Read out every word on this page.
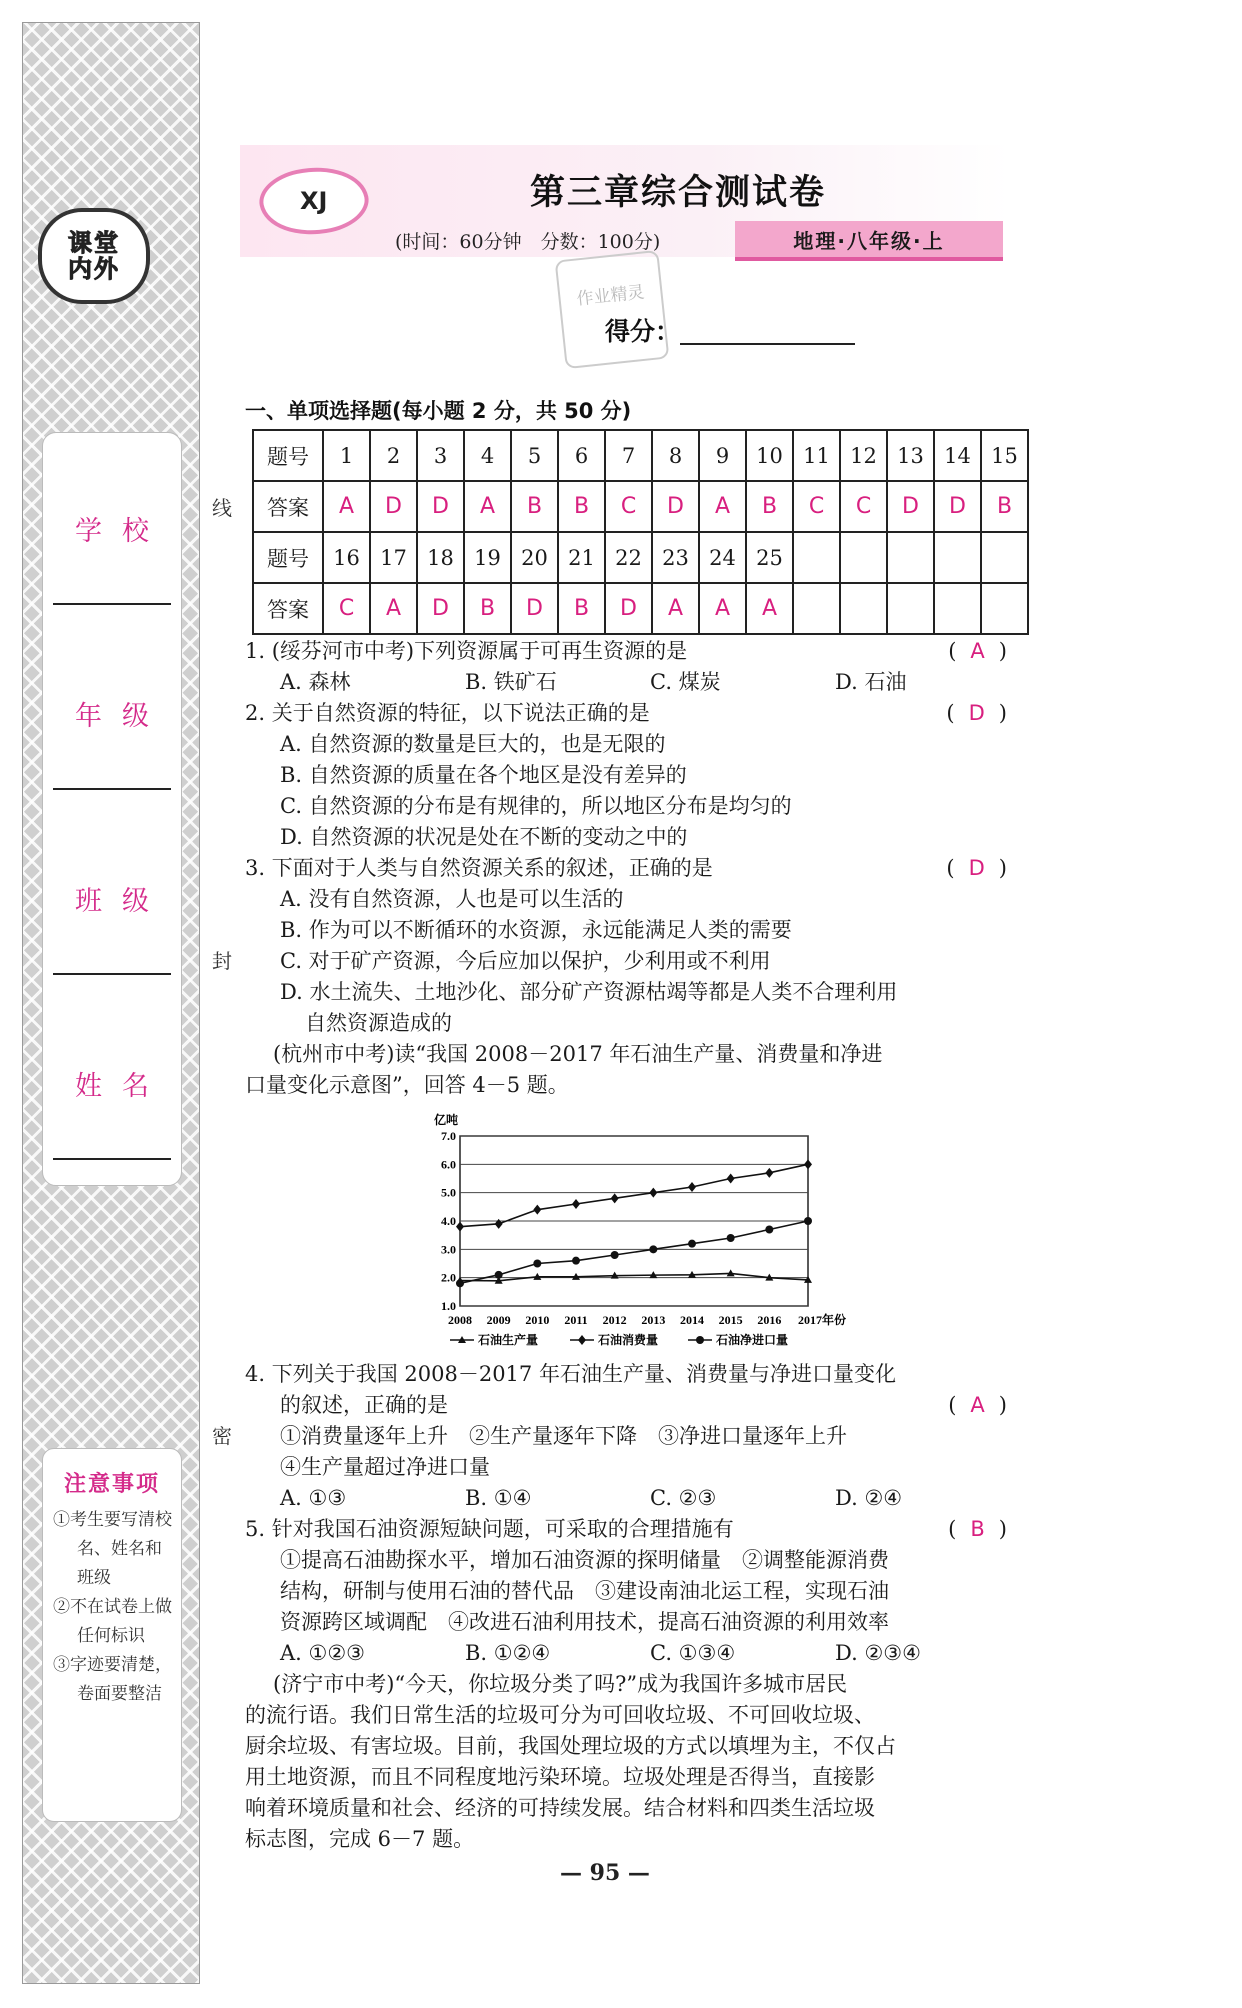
课堂
内外
学校
年级
班级
姓名
注意事项
①考生要写清校名、姓名和班级
②不在试卷上做任何标识
③字迹要清楚，卷面要整洁
线
封
密
XJ	第三章综合测试卷
(时间：60分钟　分数：100分)	地理·八年级·上

作业精灵
得分：
一、单项选择题(每小题 2 分，共 50 分)
题号	1	2	3	4	5	6	7	8	9	10	11	12	13	14	15
答案	A	D	D	A	B	B	C	D	A	B	C	C	D	D	B
题号	16	17	18	19	20	21	22	23	24	25					
答案	C	A	D	B	D	B	D	A	A	A					
1. (绥芬河市中考)下列资源属于可再生资源的是	( A )
A. 森林	B. 铁矿石	C. 煤炭	D. 石油
2. 关于自然资源的特征，以下说法正确的是	( D )
A. 自然资源的数量是巨大的，也是无限的
B. 自然资源的质量在各个地区是没有差异的
C. 自然资源的分布是有规律的，所以地区分布是均匀的
D. 自然资源的状况是处在不断的变动之中的
3. 下面对于人类与自然资源关系的叙述，正确的是	( D )
A. 没有自然资源，人也是可以生活的
B. 作为可以不断循环的水资源，永远能满足人类的需要
C. 对于矿产资源，今后应加以保护，少利用或不利用
D. 水土流失、土地沙化、部分矿产资源枯竭等都是人类不合理利用
自然资源造成的
(杭州市中考)读“我国 2008－2017 年石油生产量、消费量和净进
口量变化示意图”，回答 4－5 题。
4. 下列关于我国 2008－2017 年石油生产量、消费量与净进口量变化
的叙述，正确的是	( A )
①消费量逐年上升　②生产量逐年下降　③净进口量逐年上升
④生产量超过净进口量
A. ①③	B. ①④	C. ②③	D. ②④
5. 针对我国石油资源短缺问题，可采取的合理措施有	( B )
①提高石油勘探水平，增加石油资源的探明储量　②调整能源消费
结构，研制与使用石油的替代品　③建设南油北运工程，实现石油
资源跨区域调配　④改进石油利用技术，提高石油资源的利用效率
A. ①②③	B. ①②④	C. ①③④	D. ②③④
(济宁市中考)“今天，你垃圾分类了吗?”成为我国许多城市居民
的流行语。我们日常生活的垃圾可分为可回收垃圾、不可回收垃圾、
厨余垃圾、有害垃圾。目前，我国处理垃圾的方式以填埋为主，不仅占
用土地资源，而且不同程度地污染环境。垃圾处理是否得当，直接影
响着环境质量和社会、经济的可持续发展。结合材料和四类生活垃圾
标志图，完成 6－7 题。
1.0
2.0
3.0
4.0
5.0
6.0
7.0
亿吨
2008 2009 2010 2011 2012 2013 2014 2015 2016 2017年份
石油生产量	石油消费量	石油净进口量
— 95 —
